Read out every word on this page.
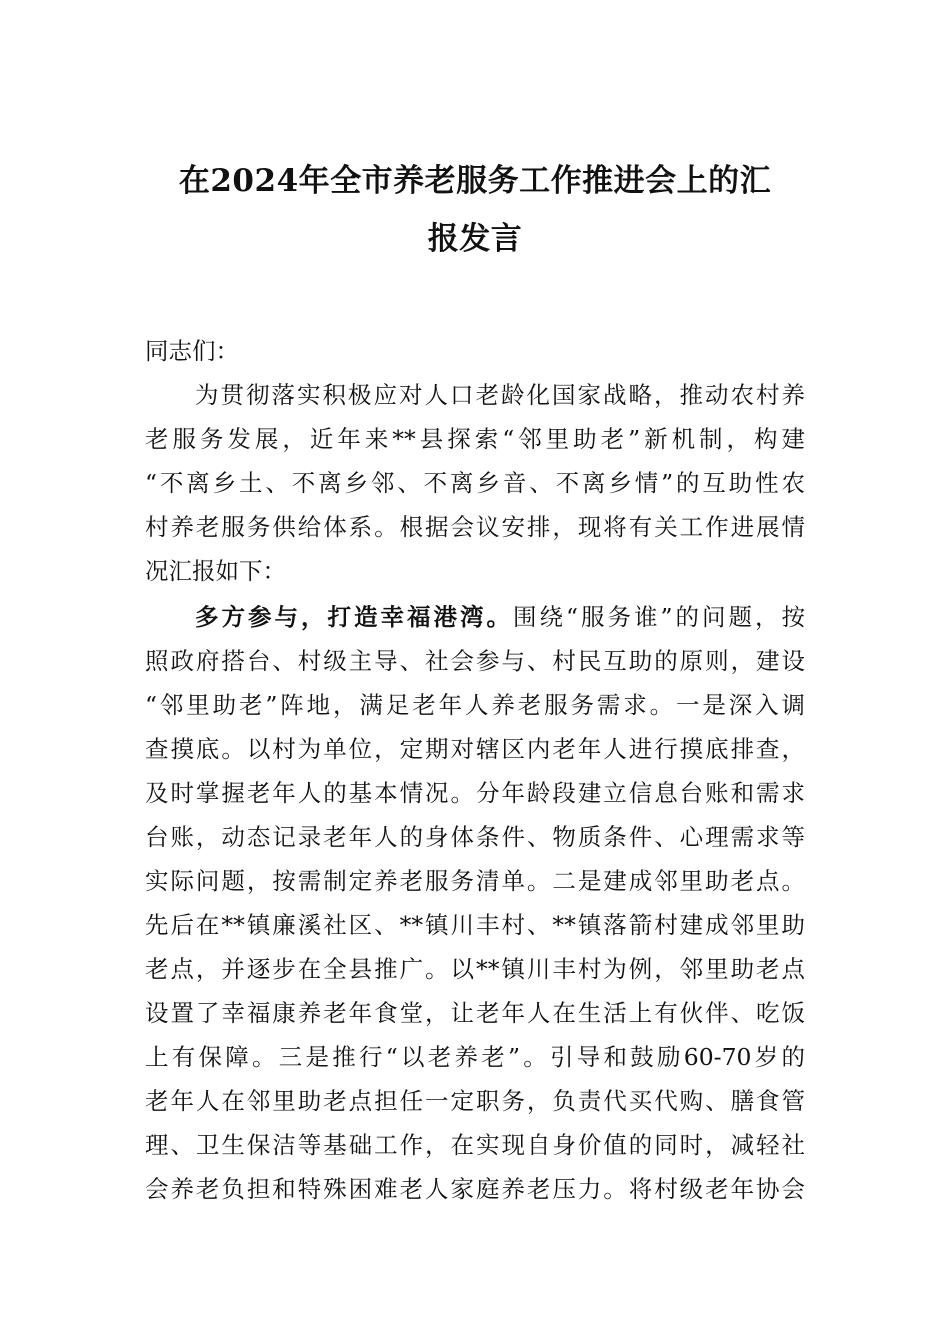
在2024年全市养老服务工作推进会上的汇
报发言
同志们：
为贯彻落实积极应对人口老龄化国家战略，推动农村养
老服务发展，近年来**县探索“邻里助老”新机制，构建
“不离乡土、不离乡邻、不离乡音、不离乡情”的互助性农
村养老服务供给体系。根据会议安排，现将有关工作进展情
况汇报如下：
多方参与，打造幸福港湾。围绕“服务谁”的问题，按
照政府搭台、村级主导、社会参与、村民互助的原则，建设
“邻里助老”阵地，满足老年人养老服务需求。一是深入调
查摸底。以村为单位，定期对辖区内老年人进行摸底排查，
及时掌握老年人的基本情况。分年龄段建立信息台账和需求
台账，动态记录老年人的身体条件、物质条件、心理需求等
实际问题，按需制定养老服务清单。二是建成邻里助老点。
先后在**镇廉溪社区、**镇川丰村、**镇落箭村建成邻里助
老点，并逐步在全县推广。以**镇川丰村为例，邻里助老点
设置了幸福康养老年食堂，让老年人在生活上有伙伴、吃饭
上有保障。三是推行“以老养老”。引导和鼓励60-70岁的
老年人在邻里助老点担任一定职务，负责代买代购、膳食管
理、卫生保洁等基础工作，在实现自身价值的同时，减轻社
会养老负担和特殊困难老人家庭养老压力。将村级老年协会
